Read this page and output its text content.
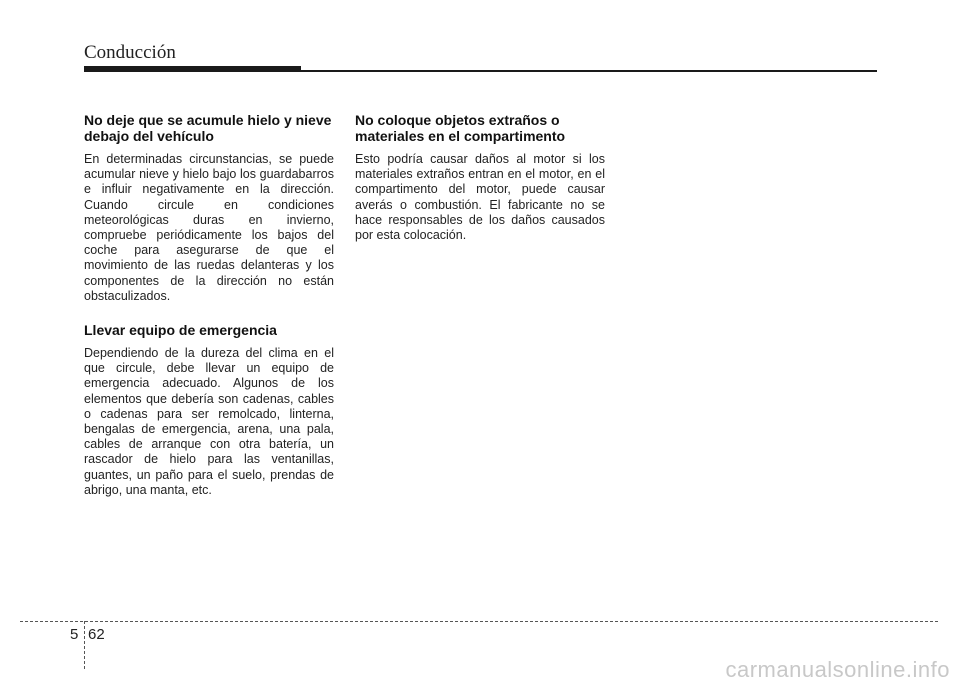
Conducción
No deje que se acumule hielo y nieve debajo del vehículo

En determinadas circunstancias, se puede acumular nieve y hielo bajo los guardabarros e influir negativamente en la dirección. Cuando circule en condiciones meteorológicas duras en invierno, compruebe periódicamente los bajos del coche para asegurarse de que el movimiento de las ruedas delanteras y los componentes de la dirección no están obstaculizados.

Llevar equipo de emergencia

Dependiendo de la dureza del clima en el que circule, debe llevar un equipo de emergencia adecuado. Algunos de los elementos que debería son cadenas, cables o cadenas para ser remolcado, linterna, bengalas de emergencia, arena, una pala, cables de arranque con otra batería, un rascador de hielo para las ventanillas, guantes, un paño para el suelo, prendas de abrigo, una manta, etc.

No coloque objetos extraños o materiales en el compartimento

Esto podría causar daños al motor si los materiales extraños entran en el motor, en el compartimento del motor, puede causar averás o combustión. El fabricante no se hace responsables de los daños causados por esta colocación.

5 62
carmanualsonline.info
